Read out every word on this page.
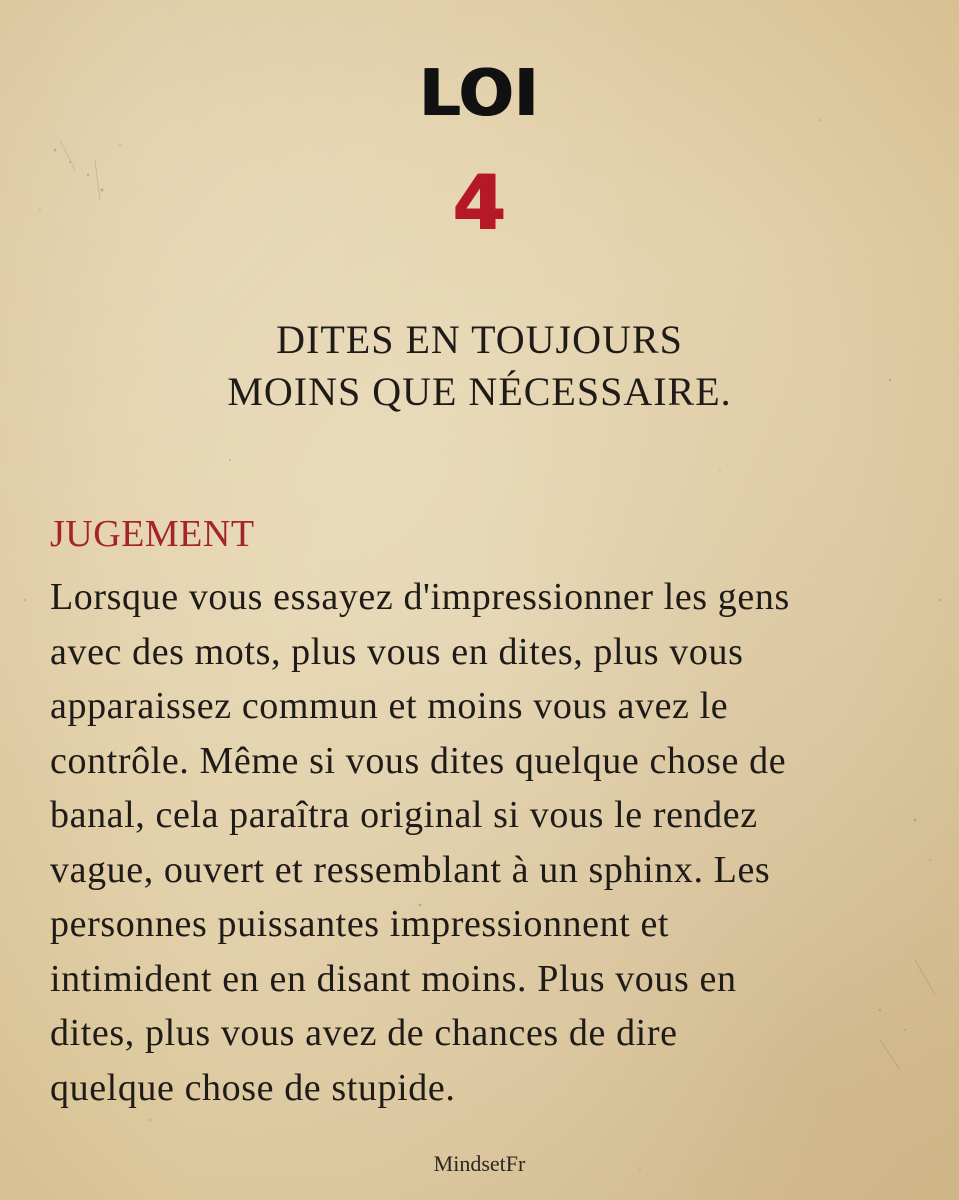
LOI
4
DITES EN TOUJOURS
MOINS QUE NÉCESSAIRE.
JUGEMENT
Lorsque vous essayez d'impressionner les gens
avec des mots, plus vous en dites, plus vous
apparaissez commun et moins vous avez le
contrôle. Même si vous dites quelque chose de
banal, cela paraîtra original si vous le rendez
vague, ouvert et ressemblant à un sphinx. Les
personnes puissantes impressionnent et
intimident en en disant moins. Plus vous en
dites, plus vous avez de chances de dire
quelque chose de stupide.
MindsetFr
